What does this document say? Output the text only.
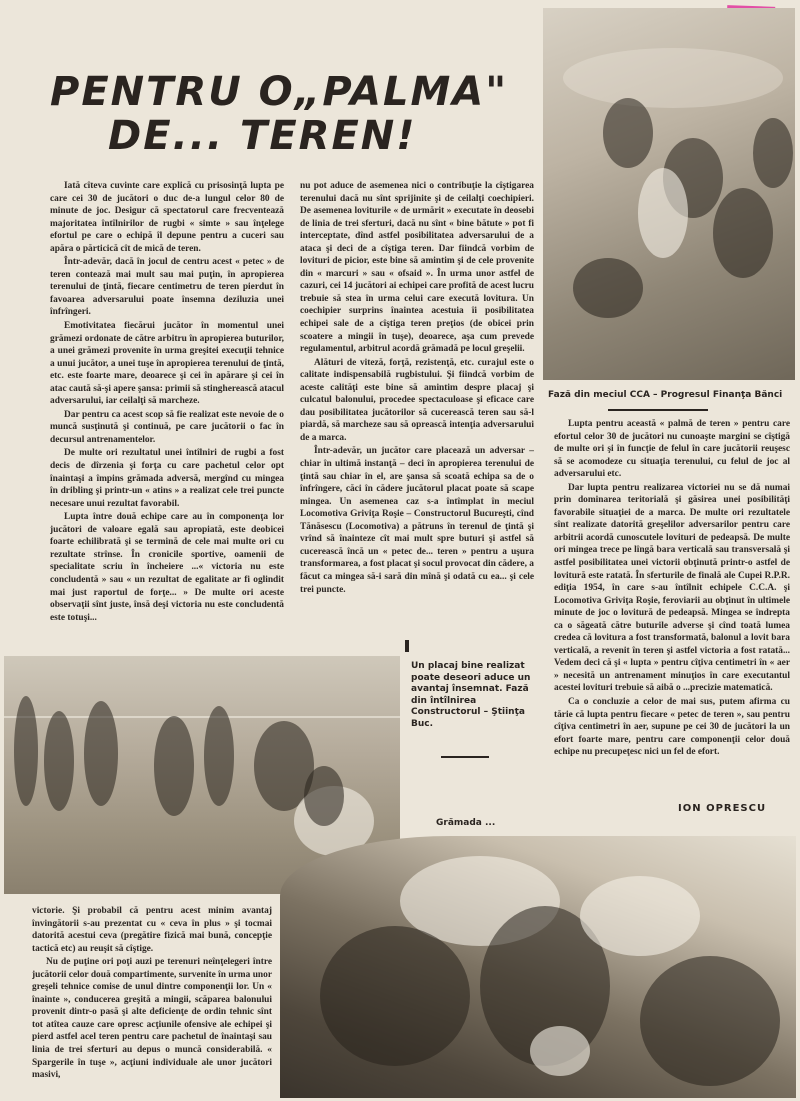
PENTRU O„PALMA"
DE... TEREN!
Fază din meciul CCA – Progresul Finanţa Bănci

Iată cîteva cuvinte care explică cu prisosinţă lupta pe care cei 30 de jucători o duc de-a lungul celor 80 de minute de joc. Desigur că spectatorul care frecventează majoritatea întîlnirilor de rugbi « simte » sau înţelege efortul pe care o echipă îl depune pentru a cuceri sau apăra o părticică cît de mică de teren.

Într-adevăr, dacă în jocul de centru acest « petec » de teren contează mai mult sau mai puţin, în apropierea terenului de ţintă, fiecare centimetru de teren pierdut în favoarea adversarului poate însemna deziluzia unei înfrîngeri.

Emotivitatea fiecărui jucător în momentul unei grămezi ordonate de către arbitru în apropierea buturilor, a unei grămezi provenite în urma greşitei execuţii tehnice a unui jucător, a unei tuşe în apropierea terenului de ţintă, etc. este foarte mare, deoarece şi cei în apărare şi cei în atac caută să-şi apere şansa: primii să stingherească atacul adversarului, iar ceilalţi să marcheze.

Dar pentru ca acest scop să fie realizat este nevoie de o muncă susţinută şi continuă, pe care jucătorii o fac în decursul antrenamentelor.

De multe ori rezultatul unei întîlniri de rugbi a fost decis de dîrzenia şi forţa cu care pachetul celor opt înaintaşi a împins grămada adversă, mergînd cu mingea în dribling şi printr-un « atins » a realizat cele trei puncte necesare unui rezultat favorabil.

Lupta între două echipe care au în componenţa lor jucători de valoare egală sau apropiată, este deobicei foarte echilibrată şi se termină de cele mai multe ori cu rezultate strînse. În cronicile sportive, oamenii de specialitate scriu în încheiere ...« victoria nu este concludentă » sau « un rezultat de egalitate ar fi oglindit mai just raportul de forţe... » De multe ori aceste observaţii sînt juste, însă deşi victoria nu este concludentă este totuşi...

nu pot aduce de asemenea nici o contribuţie la cîştigarea terenului dacă nu sînt sprijinite şi de ceilalţi coechipieri. De asemenea loviturile « de urmărit » executate în deosebi de linia de trei sferturi, dacă nu sînt « bine bătute » pot fi interceptate, dînd astfel posibilitatea adversarului de a ataca şi deci de a cîştiga teren. Dar fiindcă vorbim de lovituri de picior, este bine să amintim şi de cele provenite din « marcuri » sau « ofsaid ». În urma unor astfel de cazuri, cei 14 jucători ai echipei care profită de acest lucru trebuie să stea în urma celui care execută lovitura. Un coechipier surprins înaintea acestuia îi posibilitatea echipei sale de a cîştiga teren preţios (de obicei prin scoatere a mingii în tuşe), deoarece, aşa cum prevede regulamentul, arbitrul acordă grămadă pe locul greşelii.

Alături de viteză, forţă, rezistenţă, etc. curajul este o calitate indispensabilă rugbistului. Şi fiindcă vorbim de aceste calităţi este bine să amintim despre placaj şi culcatul balonului, procedee spectaculoase şi eficace care dau posibilitatea jucătorilor să cucerească teren sau să-l piardă, să marcheze sau să oprească intenţia adversarului de a marca.

Într-adevăr, un jucător care placează un adversar – chiar în ultimă instanţă – deci în apropierea terenului de ţintă sau chiar în el, are şansa să scoată echipa sa de o înfrîngere, căci în cădere jucătorul placat poate să scape mingea. Un asemenea caz s-a întîmplat în meciul Locomotiva Griviţa Roşie – Constructorul Bucureşti, cînd Tănăsescu (Locomotiva) a pătruns în terenul de ţintă şi vrînd să înainteze cît mai mult spre buturi şi astfel să cucerească încă un « petec de... teren » pentru a uşura transformarea, a fost placat şi socul provocat din cădere, a făcut ca mingea să-i sară din mînă şi odată cu ea... şi cele trei puncte.

Lupta pentru această « palmă de teren » pentru care efortul celor 30 de jucători nu cunoaşte margini se cîştigă de multe ori şi în funcţie de felul în care jucătorii reuşesc să se acomodeze cu situaţia terenului, cu felul de joc al adversarului etc.

Dar lupta pentru realizarea victoriei nu se dă numai prin dominarea teritorială şi găsirea unei posibilităţi favorabile situaţiei de a marca. De multe ori rezultatele sînt realizate datorită greşelilor adversarilor pentru care arbitrii acordă cunoscutele lovituri de pedeapsă. De multe ori mingea trece pe lîngă bara verticală sau transversală şi astfel posibilitatea unei victorii obţinută printr-o astfel de lovitură este ratată. În sferturile de finală ale Cupei R.P.R. ediţia 1954, în care s-au întîlnit echipele C.C.A. şi Locomotiva Griviţa Roşie, feroviarii au obţinut în ultimele minute de joc o lovitură de pedeapsă. Mingea se îndrepta ca o săgeată către buturile adverse şi cînd toată lumea credea că lovitura a fost transformată, balonul a lovit bara verticală, a revenit în teren şi astfel victoria a fost ratată... Vedem deci că şi « lupta » pentru cîţiva centimetri în « aer » necesită un antrenament minuţios în care executantul acestei lovituri trebuie să aibă o ...precizie matematică.

Ca o concluzie a celor de mai sus, putem afirma cu tărie că lupta pentru fiecare « petec de teren », sau pentru cîţiva centimetri în aer, supune pe cei 30 de jucători la un efort foarte mare, pentru care componenţii celor două echipe nu precupeţesc nici un fel de efort.

ION OPRESCU
Un placaj bine realizat poate deseori aduce un avantaj însemnat. Fază din întîlnirea Constructorul – Ştiinţa Buc.
Grămada ...

victorie. Şi probabil că pentru acest minim avantaj învingătorii s-au prezentat cu « ceva în plus » şi tocmai datorită acestui ceva (pregătire fizică mai bună, concepţie tactică etc) au reuşit să cîştige.

Nu de puţine ori poţi auzi pe terenuri neînţelegeri între jucătorii celor două compartimente, survenite în urma unor greşeli tehnice comise de unul dintre componenţii lor. Un « înainte », conducerea greşită a mingii, scăparea balonului provenit dintr-o pasă şi alte deficienţe de ordin tehnic sînt tot atîtea cauze care opresc acţiunile ofensive ale echipei şi pierd astfel acel teren pentru care pachetul de înaintaşi sau linia de trei sferturi au depus o muncă considerabilă. « Spargerile în tuşe », acţiuni individuale ale unor jucători masivi,
